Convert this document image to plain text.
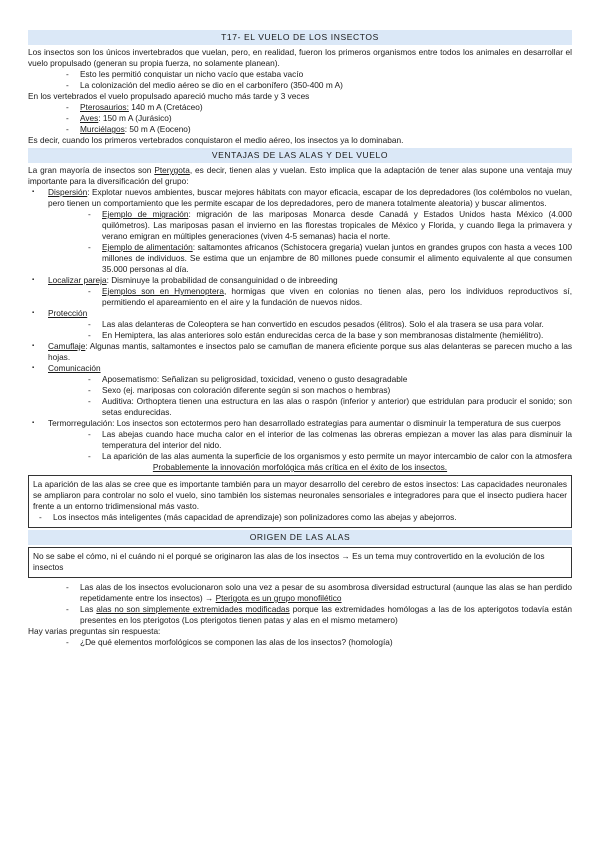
T17- EL VUELO DE LOS INSECTOS

Los insectos son los únicos invertebrados que vuelan, pero, en realidad, fueron los primeros organismos entre todos los animales en desarrollar el vuelo propulsado (generan su propia fuerza, no solamente planean).

- Esto les permitió conquistar un nicho vacío que estaba vacío
- La colonización del medio aéreo se dio en el carbonífero (350-400 m A)

En los vertebrados el vuelo propulsado apareció mucho más tarde y 3 veces

- Pterosaurios: 140 m A (Cretáceo)
- Aves: 150 m A (Jurásico)
- Murciélagos: 50 m A (Eoceno)

Es decir, cuando los primeros vertebrados conquistaron el medio aéreo, los insectos ya lo dominaban.

VENTAJAS DE LAS ALAS Y DEL VUELO

La gran mayoría de insectos son Pterygota, es decir, tienen alas y vuelan. Esto implica que la adaptación de tener alas supone una ventaja muy importante para la diversificación del grupo:

▪ Dispersión: Explotar nuevos ambientes, buscar mejores hábitats con mayor eficacia, escapar de los depredadores (los colémbolos no vuelan, pero tienen un comportamiento que les permite escapar de los depredadores, pero de manera totalmente aleatoria) y buscar alimentos.
- Ejemplo de migración: migración de las mariposas Monarca desde Canadá y Estados Unidos hasta México (4.000 quilómetros). Las mariposas pasan el invierno en las florestas tropicales de México y Florida, y cuando llega la primavera y verano emigran en múltiples generaciones (viven 4-5 semanas) hacia el norte.
- Ejemplo de alimentación: saltamontes africanos (Schistocera gregaria) vuelan juntos en grandes grupos con hasta a veces 100 millones de individuos. Se estima que un enjambre de 80 millones puede consumir el alimento equivalente al que consumen 35.000 personas al día.
▪ Localizar pareja: Disminuye la probabilidad de consanguinidad o de inbreeding
- Ejemplos son en Hymenoptera, hormigas que viven en colonias no tienen alas, pero los individuos reproductivos sí, permitiendo el apareamiento en el aire y la fundación de nuevos nidos.
▪ Protección
- Las alas delanteras de Coleoptera se han convertido en escudos pesados (élitros). Solo el ala trasera se usa para volar.
- En Hemiptera, las alas anteriores solo están endurecidas cerca de la base y son membranosas distalmente (hemiélitro).
▪ Camuflaje: Algunas mantis, saltamontes e insectos palo se camuflan de manera eficiente porque sus alas delanteras se parecen mucho a las hojas.
▪ Comunicación
- Aposematismo: Señalizan su peligrosidad, toxicidad, veneno o gusto desagradable
- Sexo (ej. mariposas con coloración diferente según si son machos o hembras)
- Auditiva: Orthoptera tienen una estructura en las alas o raspón (inferior y anterior) que estridulan para producir el sonido; son setas endurecidas.
▪ Termorregulación: Los insectos son ectotermos pero han desarrollado estrategias para aumentar o disminuir la temperatura de sus cuerpos
- Las abejas cuando hace mucha calor en el interior de las colmenas las obreras empiezan a mover las alas para disminuir la temperatura del interior del nido.
- La aparición de las alas aumenta la superficie de los organismos y esto permite un mayor intercambio de calor con la atmosfera

Probablemente la innovación morfológica más crítica en el éxito de los insectos.

La aparición de las alas se cree que es importante también para un mayor desarrollo del cerebro de estos insectos: Las capacidades neuronales se ampliaron para controlar no solo el vuelo, sino también los sistemas neuronales sensoriales e integradores para que el insecto pudiera hacer frente a un entorno tridimensional más vasto.

- Los insectos más inteligentes (más capacidad de aprendizaje) son polinizadores como las abejas y abejorros.
ORIGEN DE LAS ALAS

No se sabe el cómo, ni el cuándo ni el porqué se originaron las alas de los insectos → Es un tema muy controvertido en la evolución de los insectos

- Las alas de los insectos evolucionaron solo una vez a pesar de su asombrosa diversidad estructural (aunque las alas se han perdido repetidamente entre los insectos) → Pterigota es un grupo monofilético
- Las alas no son simplemente extremidades modificadas porque las extremidades homólogas a las de los apterigotos todavía están presentes en los pterigotos (Los pterigotos tienen patas y alas en el mismo metamero)

Hay varias preguntas sin respuesta:

- ¿De qué elementos morfológicos se componen las alas de los insectos? (homología)
